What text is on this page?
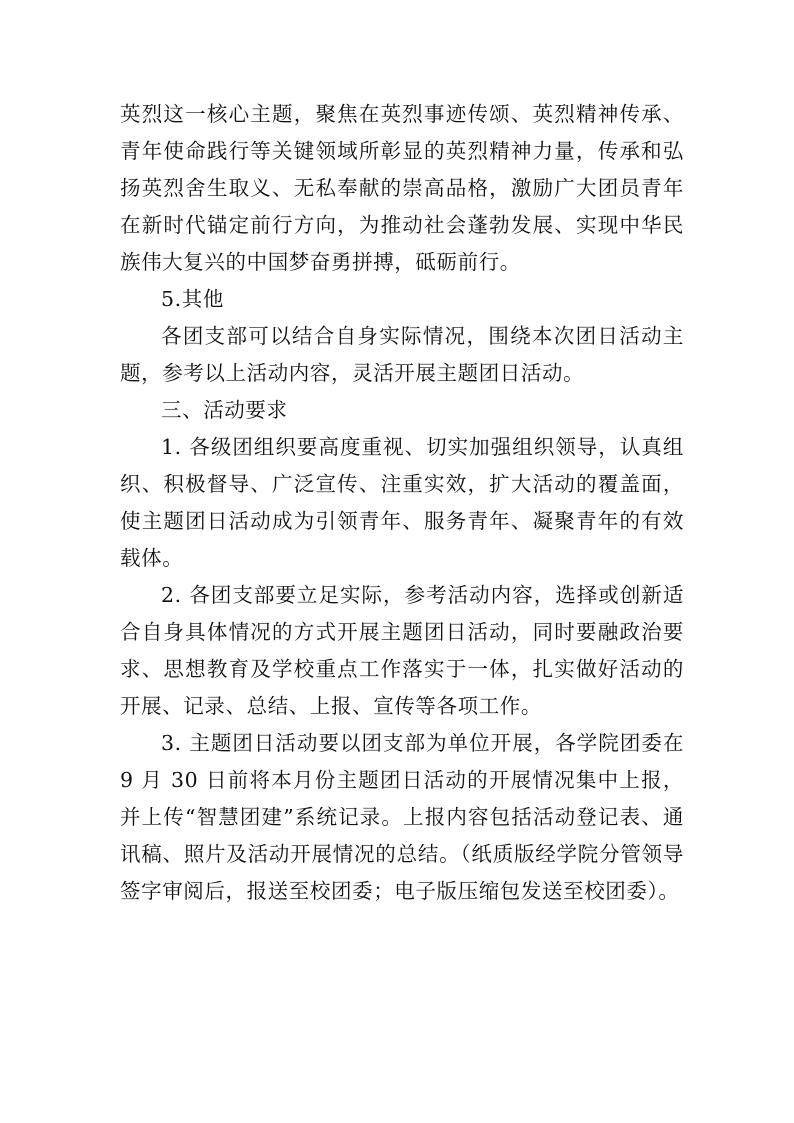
英烈这一核心主题，聚焦在英烈事迹传颂、英烈精神传承、青年使命践行等关键领域所彰显的英烈精神力量，传承和弘扬英烈舍生取义、无私奉献的崇高品格，激励广大团员青年在新时代锚定前行方向，为推动社会蓬勃发展、实现中华民族伟大复兴的中国梦奋勇拼搏，砥砺前行。

5.其他

各团支部可以结合自身实际情况，围绕本次团日活动主题，参考以上活动内容，灵活开展主题团日活动。

三、活动要求

1. 各级团组织要高度重视、切实加强组织领导，认真组织、积极督导、广泛宣传、注重实效，扩大活动的覆盖面，使主题团日活动成为引领青年、服务青年、凝聚青年的有效载体。

2. 各团支部要立足实际，参考活动内容，选择或创新适合自身具体情况的方式开展主题团日活动，同时要融政治要求、思想教育及学校重点工作落实于一体，扎实做好活动的开展、记录、总结、上报、宣传等各项工作。

3. 主题团日活动要以团支部为单位开展，各学院团委在9 月 30 日前将本月份主题团日活动的开展情况集中上报，并上传“智慧团建”系统记录。上报内容包括活动登记表、通讯稿、照片及活动开展情况的总结。（纸质版经学院分管领导签字审阅后，报送至校团委；电子版压缩包发送至校团委）。
